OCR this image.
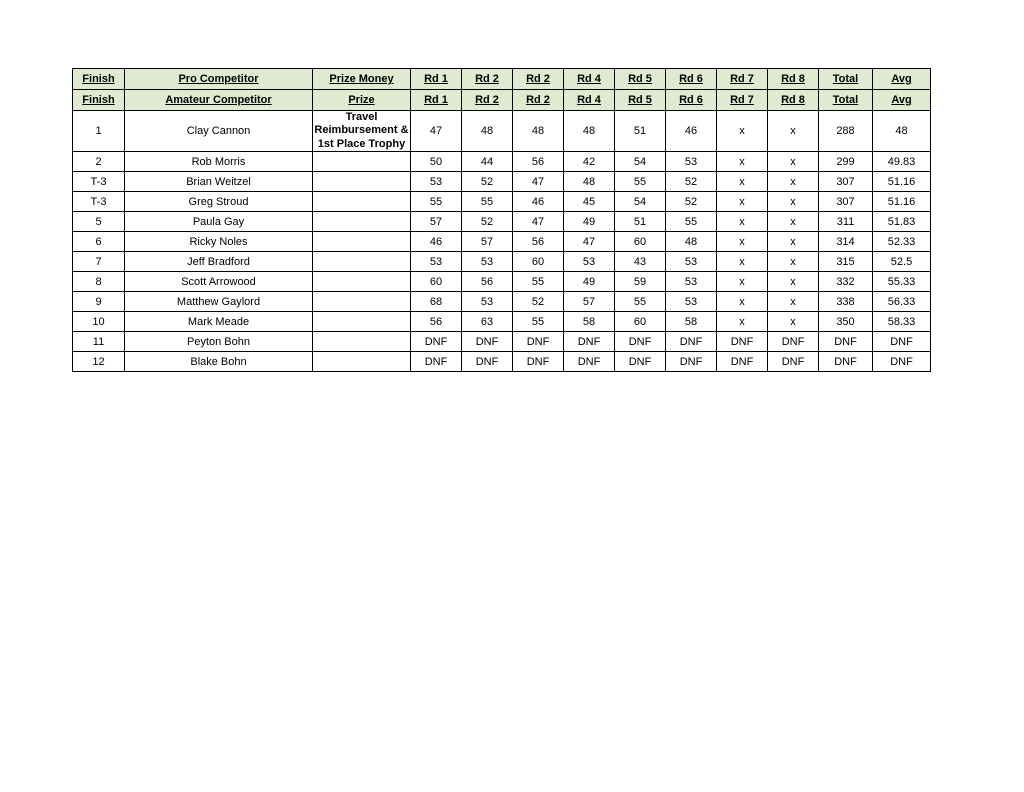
Finish	Pro Competitor	Prize Money	Rd 1	Rd 2	Rd 2	Rd 4	Rd 5	Rd 6	Rd 7	Rd 8	Total	Avg
Finish	Amateur Competitor	Prize	Rd 1	Rd 2	Rd 2	Rd 4	Rd 5	Rd 6	Rd 7	Rd 8	Total	Avg
1	Clay Cannon	Travel Reimbursement & 1st Place Trophy	47	48	48	48	51	46	x	x	288	48
2	Rob Morris		50	44	56	42	54	53	x	x	299	49.83
T-3	Brian Weitzel		53	52	47	48	55	52	x	x	307	51.16
T-3	Greg Stroud		55	55	46	45	54	52	x	x	307	51.16
5	Paula Gay		57	52	47	49	51	55	x	x	311	51.83
6	Ricky Noles		46	57	56	47	60	48	x	x	314	52.33
7	Jeff Bradford		53	53	60	53	43	53	x	x	315	52.5
8	Scott Arrowood		60	56	55	49	59	53	x	x	332	55.33
9	Matthew Gaylord		68	53	52	57	55	53	x	x	338	56.33
10	Mark Meade		56	63	55	58	60	58	x	x	350	58.33
11	Peyton Bohn		DNF	DNF	DNF	DNF	DNF	DNF	DNF	DNF	DNF	DNF
12	Blake Bohn		DNF	DNF	DNF	DNF	DNF	DNF	DNF	DNF	DNF	DNF
